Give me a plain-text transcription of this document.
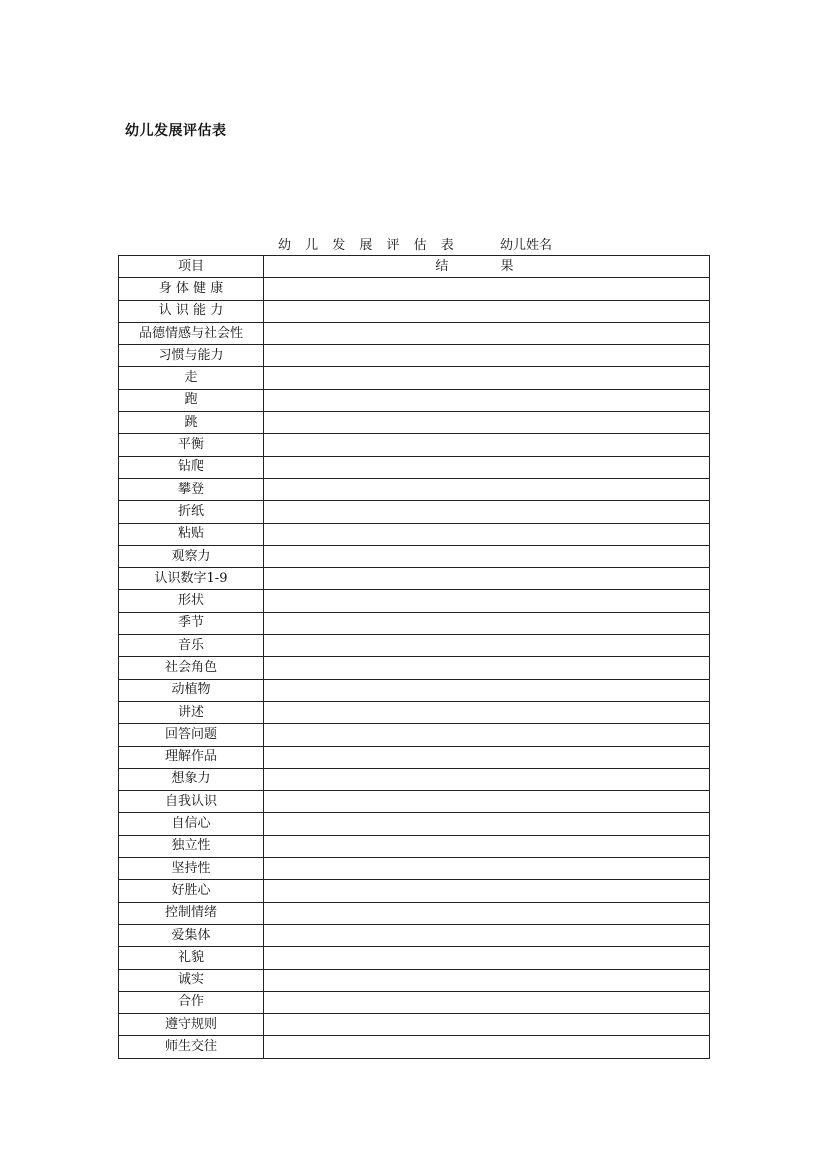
幼儿发展评估表
幼 儿 发 展 评 估 表	幼儿姓名
项目	结 果
身 体 健 康	
认 识 能 力	
品德情感与社会性	
习惯与能力	
走	
跑	
跳	
平衡	
钻爬	
攀登	
折纸	
粘贴	
观察力	
认识数字1-9	
形状	
季节	
音乐	
社会角色	
动植物	
讲述	
回答问题	
理解作品	
想象力	
自我认识	
自信心	
独立性	
坚持性	
好胜心	
控制情绪	
爱集体	
礼貌	
诚实	
合作	
遵守规则	
师生交往	
